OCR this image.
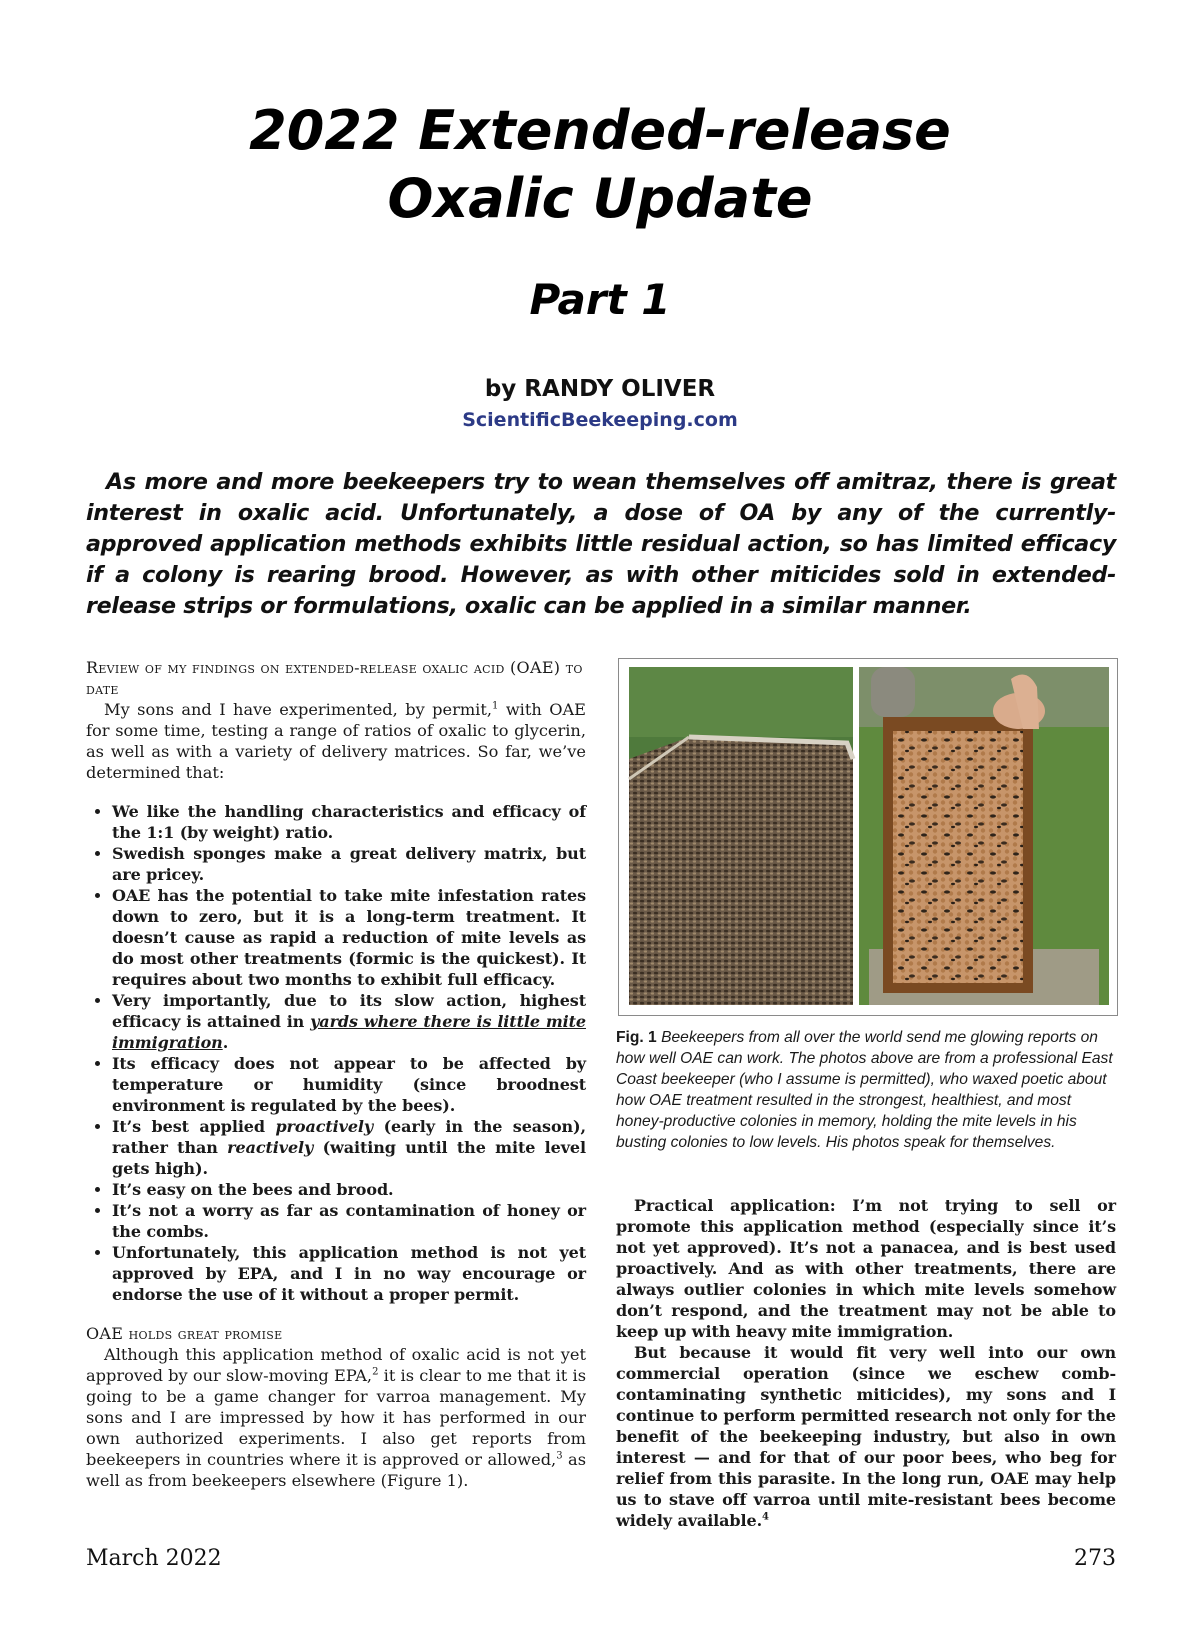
2022 Extended-release
Oxalic Update
Part 1

by RANDY OLIVER

ScientificBeekeeping.com

As more and more beekeepers try to wean themselves off amitraz, there is great interest in oxalic acid. Unfortunately, a dose of OA by any of the currently-approved application methods exhibits little residual action, so has limited efficacy if a colony is rearing brood. However, as with other miticides sold in extended-release strips or formulations, oxalic can be applied in a similar manner.

Review of my findings on extended-release oxalic acid (OAE) to date

My sons and I have experimented, by permit,$^1$ with OAE for some time, testing a range of ratios of oxalic to glycerin, as well as with a variety of delivery matrices. So far, we’ve determined that:

• We like the handling characteristics and efficacy of the 1:1 (by weight) ratio.
• Swedish sponges make a great delivery matrix, but are pricey.
• OAE has the potential to take mite infestation rates down to zero, but it is a long-term treatment. It doesn’t cause as rapid a reduction of mite levels as do most other treatments (formic is the quickest). It requires about two months to exhibit full efficacy.
• Very importantly, due to its slow action, highest efficacy is attained in yards where there is little mite immigration.
• Its efficacy does not appear to be affected by temperature or humidity (since broodnest environment is regulated by the bees).
• It’s best applied proactively (early in the season), rather than reactively (waiting until the mite level gets high).
• It’s easy on the bees and brood.
• It’s not a worry as far as contamination of honey or the combs.
• Unfortunately, this application method is not yet approved by EPA, and I in no way encourage or endorse the use of it without a proper permit.

OAE holds great promise

Although this application method of oxalic acid is not yet approved by our slow-moving EPA,$^2$ it is clear to me that it is going to be a game changer for varroa management. My sons and I are impressed by how it has performed in our own authorized experiments. I also get reports from beekeepers in countries where it is approved or allowed,$^3$ as well as from beekeepers elsewhere (Figure 1).

Fig. 1 Beekeepers from all over the world send me glowing reports on how well OAE can work. The photos above are from a professional East Coast beekeeper (who I assume is permitted), who waxed poetic about how OAE treatment resulted in the strongest, healthiest, and most honey-productive colonies in memory, holding the mite levels in his busting colonies to low levels. His photos speak for themselves.

Practical application: I’m not trying to sell or promote this application method (especially since it’s not yet approved). It’s not a panacea, and is best used proactively. And as with other treatments, there are always outlier colonies in which mite levels somehow don’t respond, and the treatment may not be able to keep up with heavy mite immigration.

But because it would fit very well into our own commercial operation (since we eschew comb-contaminating synthetic miticides), my sons and I continue to perform permitted research not only for the benefit of the beekeeping industry, but also in own interest — and for that of our poor bees, who beg for relief from this parasite. In the long run, OAE may help us to stave off varroa until mite-resistant bees become widely available.$^4$

March 2022	273
